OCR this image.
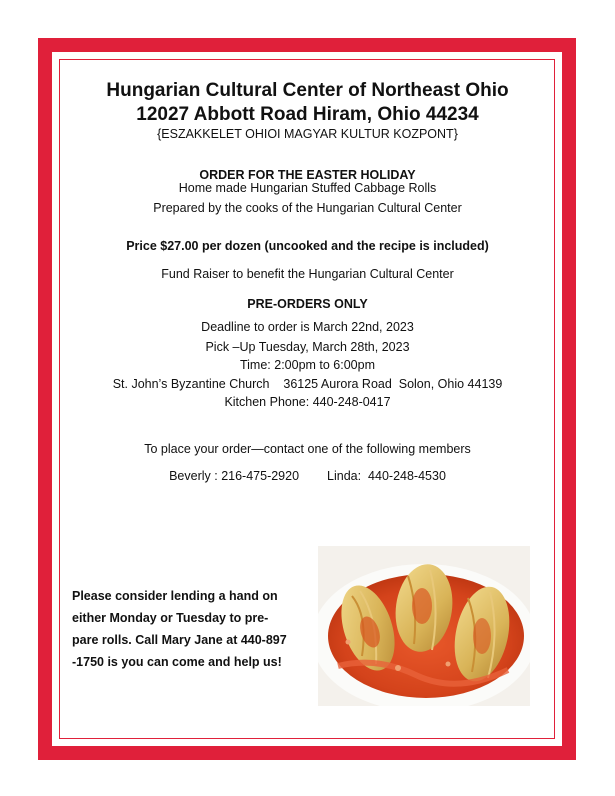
Hungarian Cultural Center of Northeast Ohio
12027 Abbott Road Hiram, Ohio 44234
{ESZAKKELET OHIOI MAGYAR KULTUR KOZPONT}
ORDER FOR THE EASTER HOLIDAY
Home made Hungarian Stuffed Cabbage Rolls
Prepared by the cooks of the Hungarian Cultural Center
Price $27.00 per dozen (uncooked and the recipe is included)
Fund Raiser to benefit the Hungarian Cultural Center
PRE-ORDERS ONLY
Deadline to order is March 22nd, 2023
Pick –Up Tuesday, March 28th, 2023
Time: 2:00pm to 6:00pm
St. John’s Byzantine Church    36125 Aurora Road  Solon, Ohio 44139
Kitchen Phone: 440-248-0417
To place your order—contact one of the following members
Beverly : 216-475-2920 Linda:  440-248-4530
Please consider lending a hand on
either Monday or Tuesday to pre-
pare rolls. Call Mary Jane at 440-897
-1750 is you can come and help us!
